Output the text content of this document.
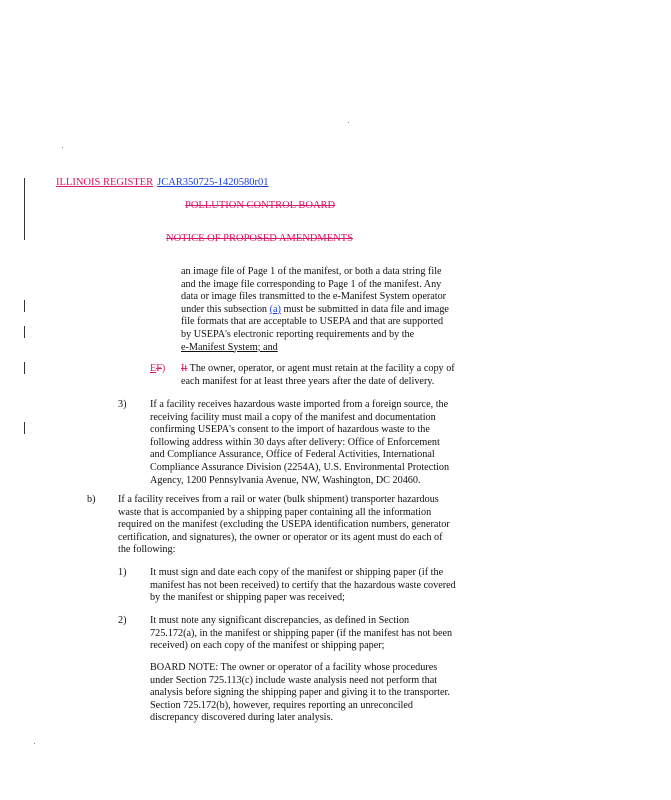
ILLINOIS REGISTER JCAR350725-1420580r01
POLLUTION CONTROL BOARD
NOTICE OF PROPOSED AMENDMENTS
an image file of Page 1 of the manifest, or both a data string file
and the image file corresponding to Page 1 of the manifest. Any
data or image files transmitted to the e-Manifest System operator
under this subsection (a) must be submitted in data file and image
file formats that are acceptable to USEPA and that are supported
by USEPA's electronic reporting requirements and by the
e-Manifest System; and
EF) It The owner, operator, or agent must retain at the facility a copy of
each manifest for at least three years after the date of delivery.
3) If a facility receives hazardous waste imported from a foreign source, the
receiving facility must mail a copy of the manifest and documentation
confirming USEPA's consent to the import of hazardous waste to the
following address within 30 days after delivery: Office of Enforcement
and Compliance Assurance, Office of Federal Activities, International
Compliance Assurance Division (2254A), U.S. Environmental Protection
Agency, 1200 Pennsylvania Avenue, NW, Washington, DC 20460.
b) If a facility receives from a rail or water (bulk shipment) transporter hazardous
waste that is accompanied by a shipping paper containing all the information
required on the manifest (excluding the USEPA identification numbers, generator
certification, and signatures), the owner or operator or its agent must do each of
the following:
1) It must sign and date each copy of the manifest or shipping paper (if the
manifest has not been received) to certify that the hazardous waste covered
by the manifest or shipping paper was received;
2) It must note any significant discrepancies, as defined in Section
725.172(a), in the manifest or shipping paper (if the manifest has not been
received) on each copy of the manifest or shipping paper;
BOARD NOTE: The owner or operator of a facility whose procedures
under Section 725.113(c) include waste analysis need not perform that
analysis before signing the shipping paper and giving it to the transporter.
Section 725.172(b), however, requires reporting an unreconciled
discrepancy discovered during later analysis.
